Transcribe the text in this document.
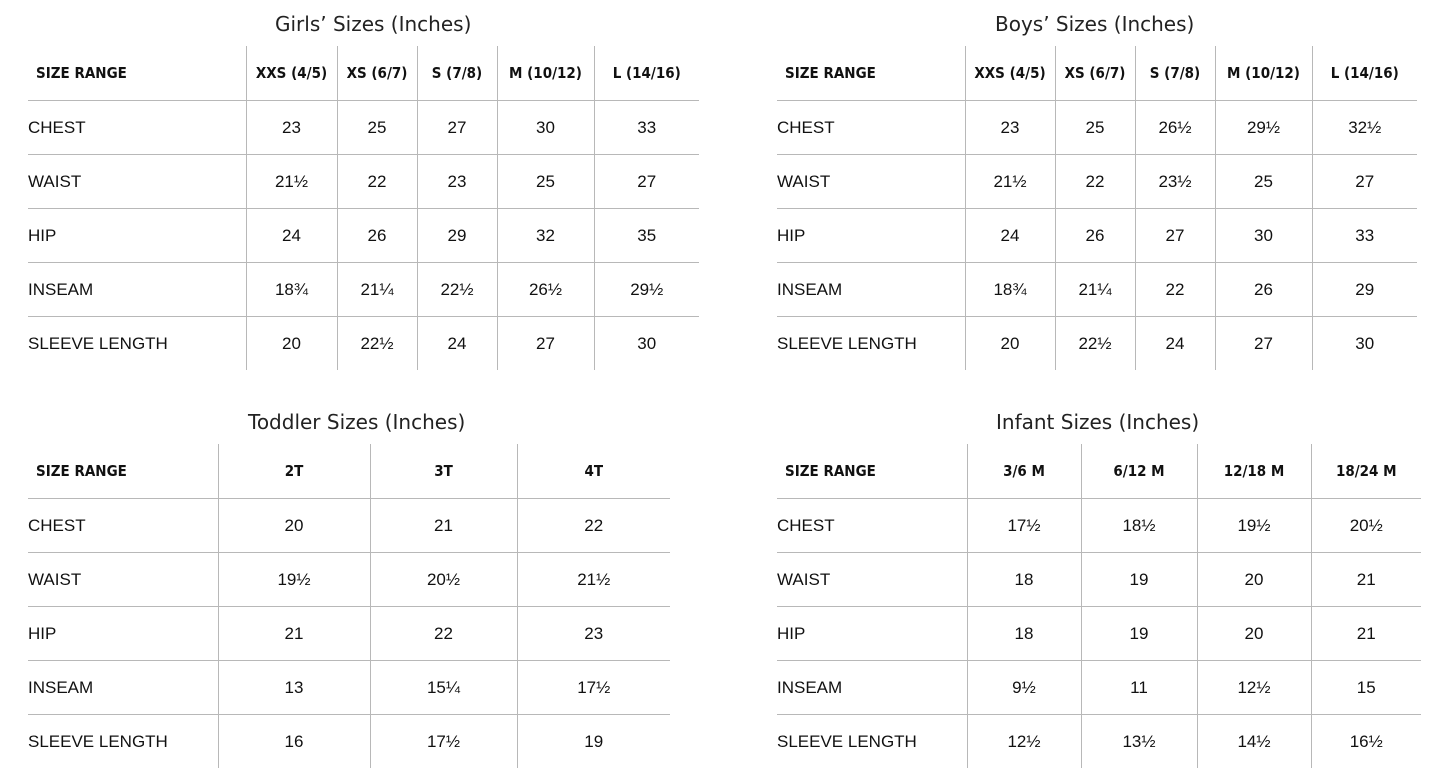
Girls’ Sizes (Inches)
SIZE RANGE	XXS (4/5)	XS (6/7)	S (7/8)	M (10/12)	L (14/16)
CHEST	23	25	27	30	33
WAIST	21½	22	23	25	27
HIP	24	26	29	32	35
INSEAM	18¾	21¼	22½	26½	29½
SLEEVE LENGTH	20	22½	24	27	30
Boys’ Sizes (Inches)
SIZE RANGE	XXS (4/5)	XS (6/7)	S (7/8)	M (10/12)	L (14/16)
CHEST	23	25	26½	29½	32½
WAIST	21½	22	23½	25	27
HIP	24	26	27	30	33
INSEAM	18¾	21¼	22	26	29
SLEEVE LENGTH	20	22½	24	27	30
Toddler Sizes (Inches)
SIZE RANGE	2T	3T	4T
CHEST	20	21	22
WAIST	19½	20½	21½
HIP	21	22	23
INSEAM	13	15¼	17½
SLEEVE LENGTH	16	17½	19
Infant Sizes (Inches)
SIZE RANGE	3/6 M	6/12 M	12/18 M	18/24 M
CHEST	17½	18½	19½	20½
WAIST	18	19	20	21
HIP	18	19	20	21
INSEAM	9½	11	12½	15
SLEEVE LENGTH	12½	13½	14½	16½
